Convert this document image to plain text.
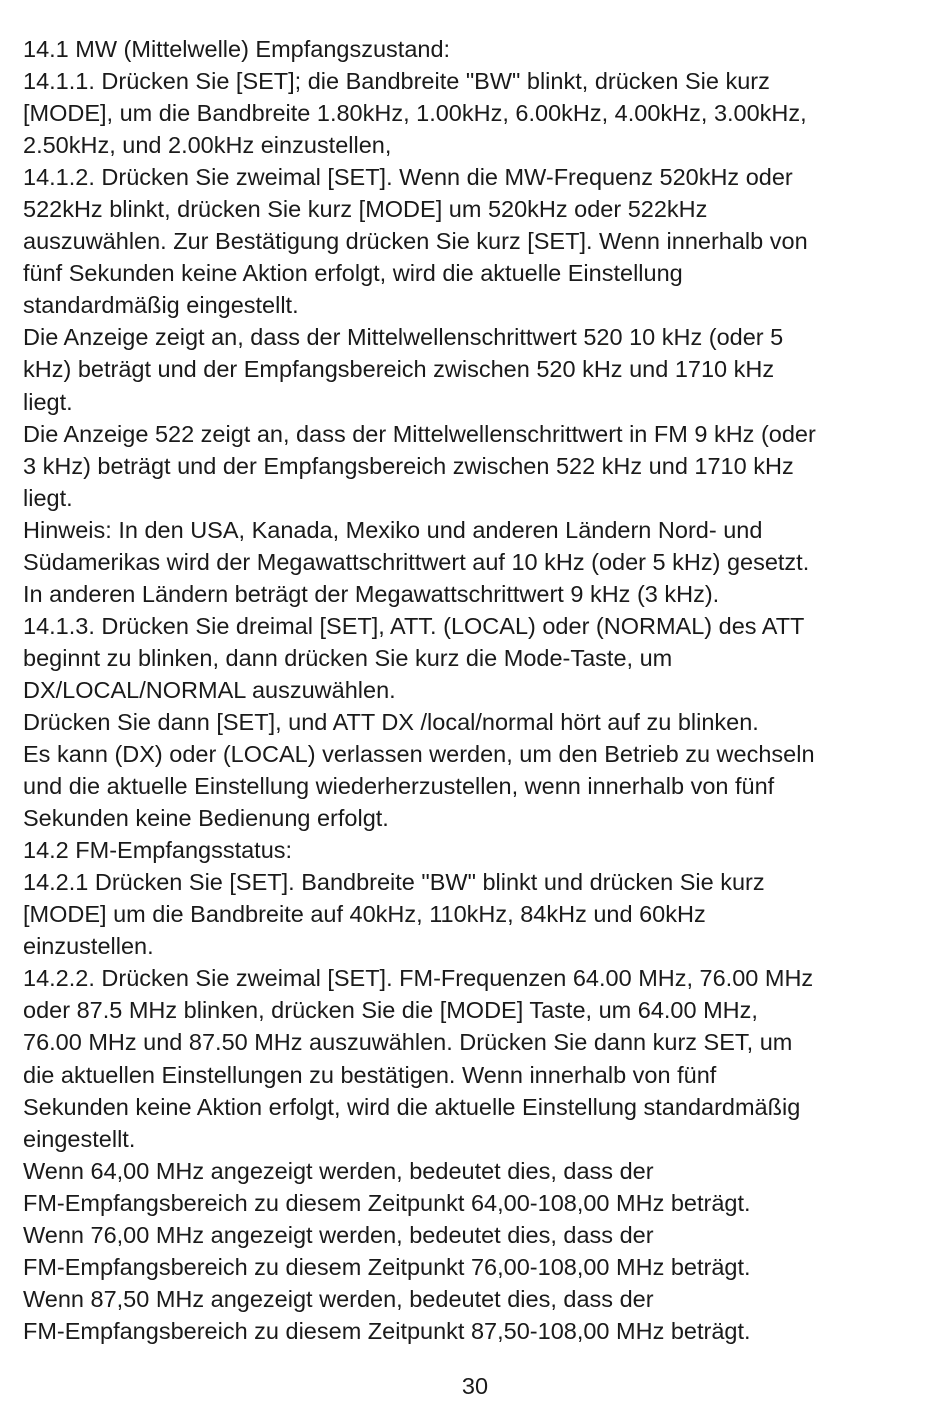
14.1 MW (Mittelwelle) Empfangszustand:
14.1.1. Drücken Sie [SET]; die Bandbreite "BW" blinkt, drücken Sie kurz
[MODE], um die Bandbreite 1.80kHz, 1.00kHz, 6.00kHz, 4.00kHz, 3.00kHz,
2.50kHz, und 2.00kHz einzustellen,
14.1.2. Drücken Sie zweimal [SET]. Wenn die MW-Frequenz 520kHz oder
522kHz blinkt, drücken Sie kurz [MODE] um 520kHz oder 522kHz
auszuwählen. Zur Bestätigung drücken Sie kurz [SET]. Wenn innerhalb von
fünf Sekunden keine Aktion erfolgt, wird die aktuelle Einstellung
standardmäßig eingestellt.
Die Anzeige zeigt an, dass der Mittelwellenschrittwert 520 10 kHz (oder 5
kHz) beträgt und der Empfangsbereich zwischen 520 kHz und 1710 kHz
liegt.
Die Anzeige 522 zeigt an, dass der Mittelwellenschrittwert in FM 9 kHz (oder
3 kHz) beträgt und der Empfangsbereich zwischen 522 kHz und 1710 kHz
liegt.
Hinweis: In den USA, Kanada, Mexiko und anderen Ländern Nord- und
Südamerikas wird der Megawattschrittwert auf 10 kHz (oder 5 kHz) gesetzt.
In anderen Ländern beträgt der Megawattschrittwert 9 kHz (3 kHz).
14.1.3. Drücken Sie dreimal [SET], ATT. (LOCAL) oder (NORMAL) des ATT
beginnt zu blinken, dann drücken Sie kurz die Mode-Taste, um
DX/LOCAL/NORMAL auszuwählen.
Drücken Sie dann [SET], und ATT DX /local/normal hört auf zu blinken.
Es kann (DX) oder (LOCAL) verlassen werden, um den Betrieb zu wechseln
und die aktuelle Einstellung wiederherzustellen, wenn innerhalb von fünf
Sekunden keine Bedienung erfolgt.
14.2 FM-Empfangsstatus:
14.2.1 Drücken Sie [SET]. Bandbreite "BW" blinkt und drücken Sie kurz
[MODE] um die Bandbreite auf 40kHz, 110kHz, 84kHz und 60kHz
einzustellen.
14.2.2. Drücken Sie zweimal [SET]. FM-Frequenzen 64.00 MHz, 76.00 MHz
oder 87.5 MHz blinken, drücken Sie die [MODE] Taste, um 64.00 MHz,
76.00 MHz und 87.50 MHz auszuwählen. Drücken Sie dann kurz SET, um
die aktuellen Einstellungen zu bestätigen. Wenn innerhalb von fünf
Sekunden keine Aktion erfolgt, wird die aktuelle Einstellung standardmäßig
eingestellt.
Wenn 64,00 MHz angezeigt werden, bedeutet dies, dass der
FM-Empfangsbereich zu diesem Zeitpunkt 64,00-108,00 MHz beträgt.
Wenn 76,00 MHz angezeigt werden, bedeutet dies, dass der
FM-Empfangsbereich zu diesem Zeitpunkt 76,00-108,00 MHz beträgt.
Wenn 87,50 MHz angezeigt werden, bedeutet dies, dass der
FM-Empfangsbereich zu diesem Zeitpunkt 87,50-108,00 MHz beträgt.
30
